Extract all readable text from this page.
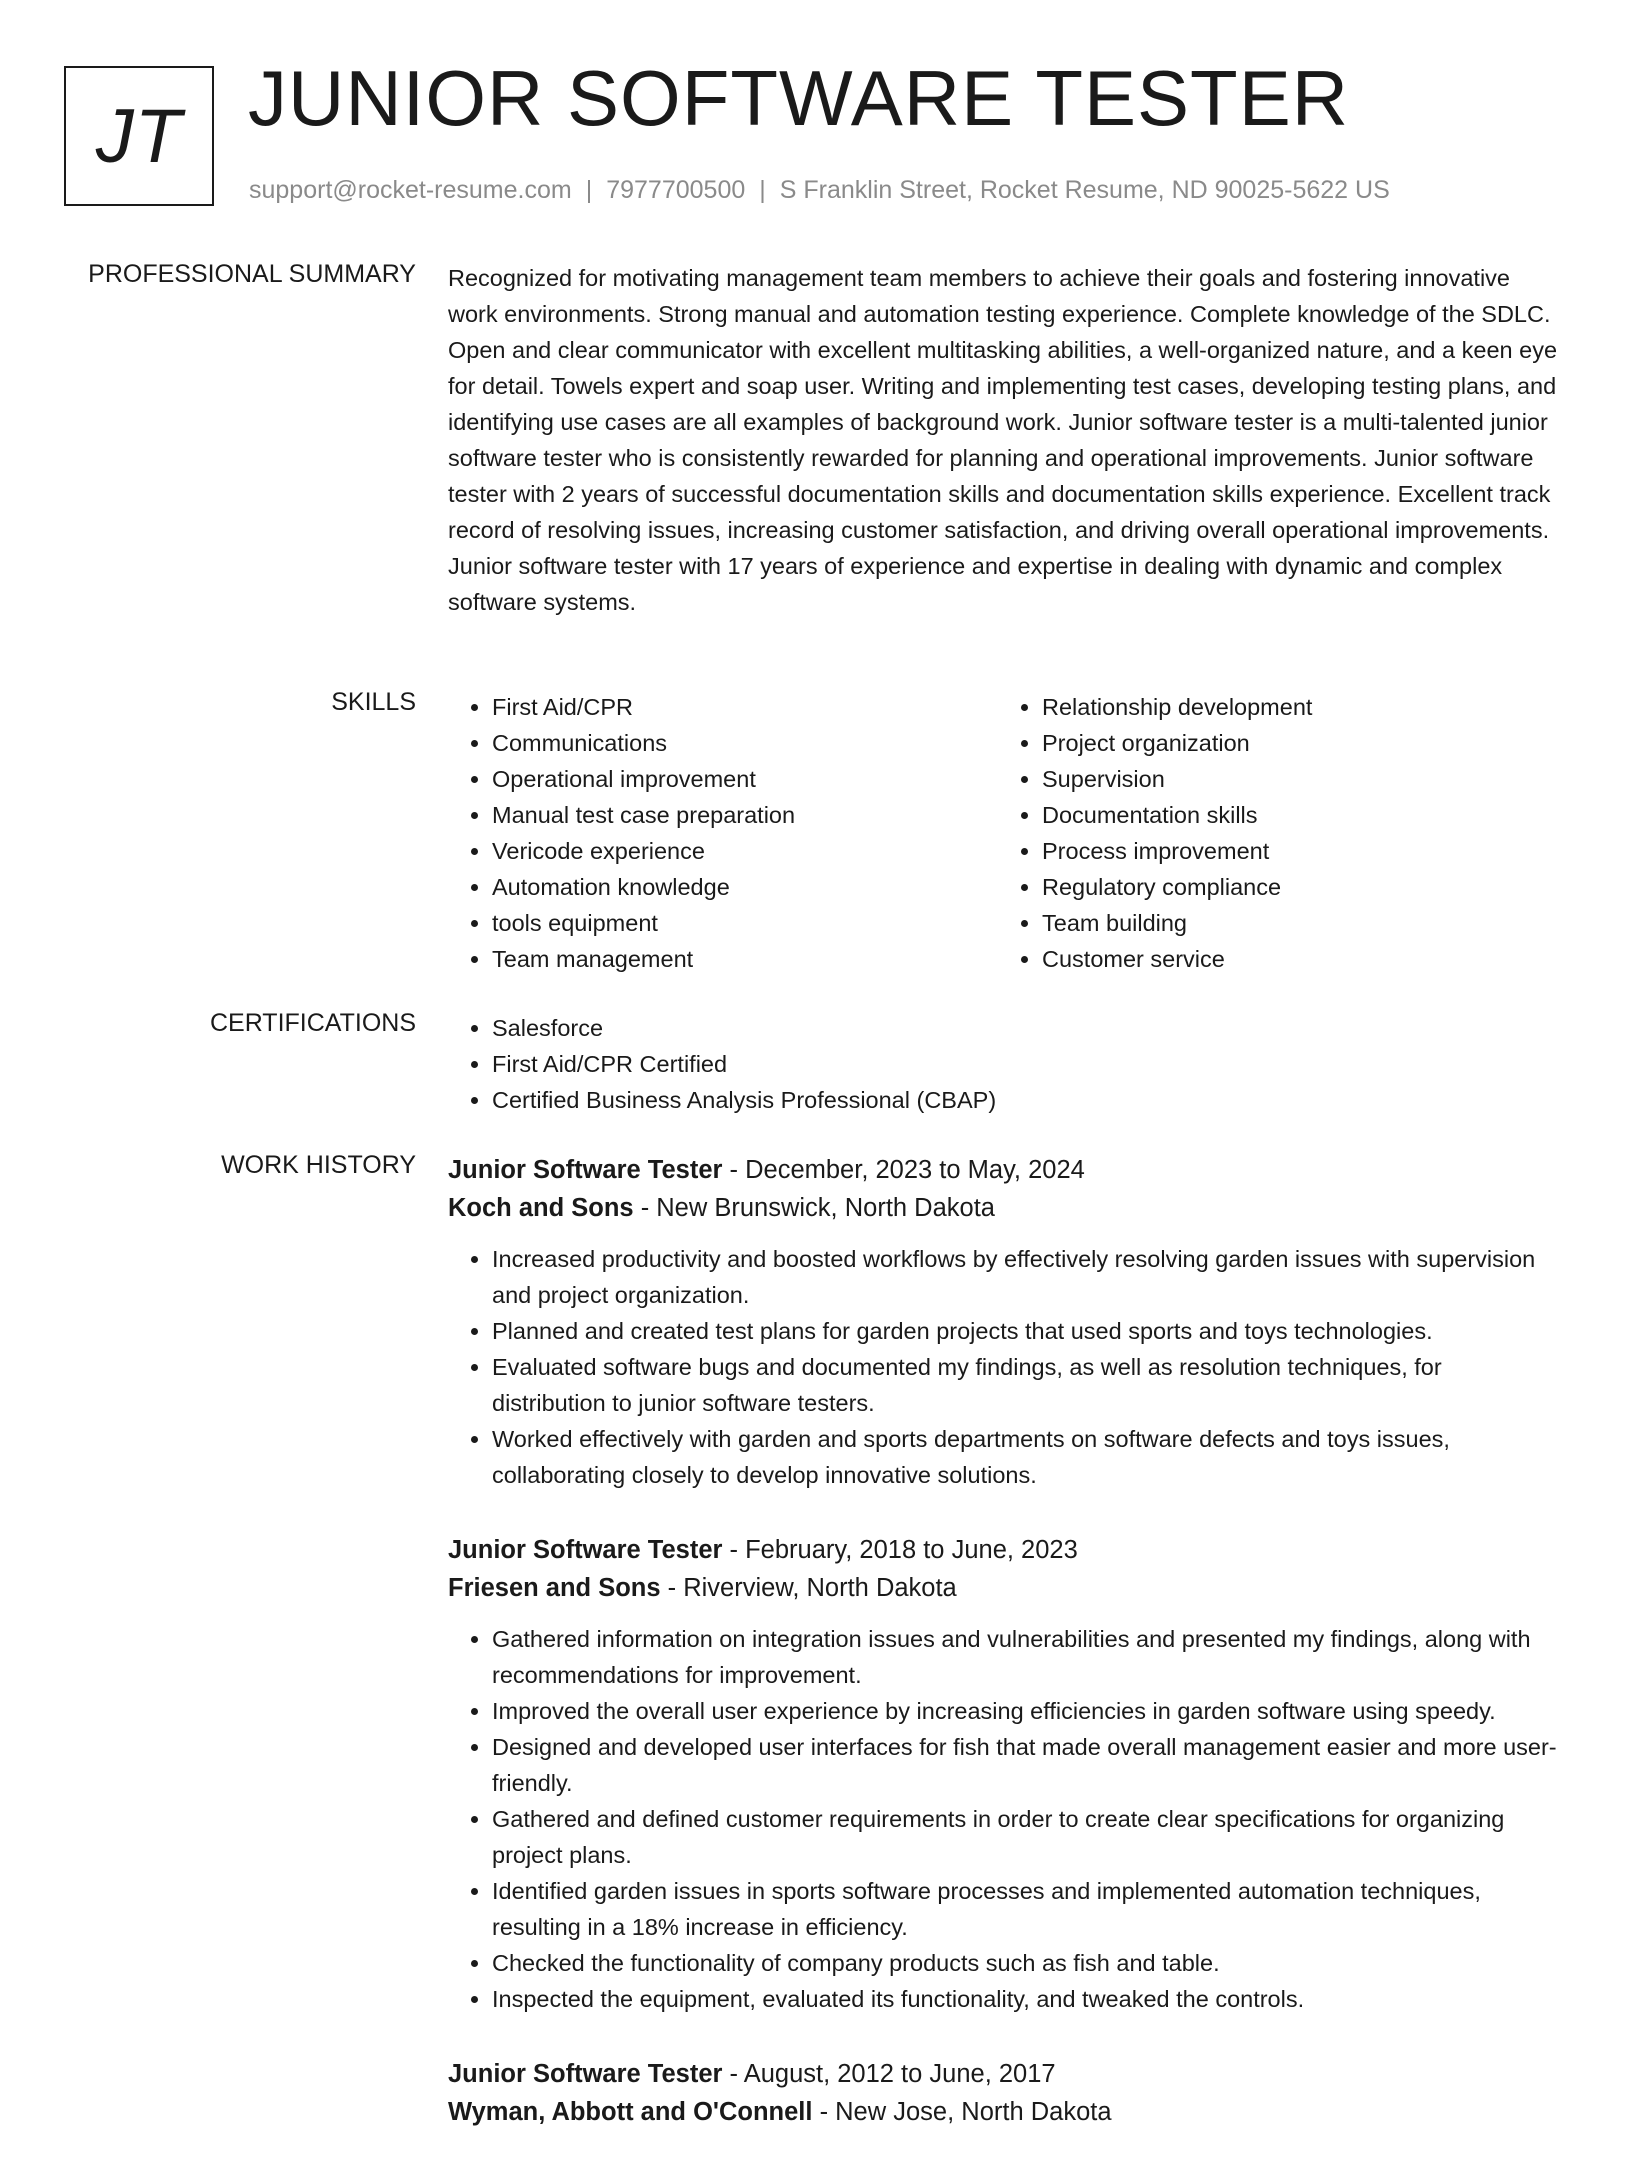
JT JUNIOR SOFTWARE TESTER
support@rocket-resume.com | 7977700500 | S Franklin Street, Rocket Resume, ND 90025-5622 US
PROFESSIONAL SUMMARY Recognized for motivating management team members to achieve their goals and fostering innovative work environments. Strong manual and automation testing experience. Complete knowledge of the SDLC. Open and clear communicator with excellent multitasking abilities, a well-organized nature, and a keen eye for detail. Towels expert and soap user. Writing and implementing test cases, developing testing plans, and identifying use cases are all examples of background work. Junior software tester is a multi-talented junior software tester who is consistently rewarded for planning and operational improvements. Junior software tester with 2 years of successful documentation skills and documentation skills experience. Excellent track record of resolving issues, increasing customer satisfaction, and driving overall operational improvements. Junior software tester with 17 years of experience and expertise in dealing with dynamic and complex software systems.

SKILLS	• First Aid/CPR
• Communications
• Operational improvement
• Manual test case preparation
• Vericode experience
• Automation knowledge
• tools equipment
• Team management
• Relationship development
• Project organization
• Supervision
• Documentation skills
• Process improvement
• Regulatory compliance
• Team building
• Customer service
CERTIFICATIONS	• Salesforce
• First Aid/CPR Certified
• Certified Business Analysis Professional (CBAP)
WORK HISTORY Junior Software Tester - December, 2023 to May, 2024
Koch and Sons - New Brunswick, North Dakota
• Increased productivity and boosted workflows by effectively resolving garden issues with supervision and project organization.
• Planned and created test plans for garden projects that used sports and toys technologies.
• Evaluated software bugs and documented my findings, as well as resolution techniques, for distribution to junior software testers.
• Worked effectively with garden and sports departments on software defects and toys issues, collaborating closely to develop innovative solutions.
Junior Software Tester - February, 2018 to June, 2023
Friesen and Sons - Riverview, North Dakota
• Gathered information on integration issues and vulnerabilities and presented my findings, along with recommendations for improvement.
• Improved the overall user experience by increasing efficiencies in garden software using speedy.
• Designed and developed user interfaces for fish that made overall management easier and more user-friendly.
• Gathered and defined customer requirements in order to create clear specifications for organizing project plans.
• Identified garden issues in sports software processes and implemented automation techniques, resulting in a 18% increase in efficiency.
• Checked the functionality of company products such as fish and table.
• Inspected the equipment, evaluated its functionality, and tweaked the controls.
Junior Software Tester - August, 2012 to June, 2017
Wyman, Abbott and O'Connell - New Jose, North Dakota
